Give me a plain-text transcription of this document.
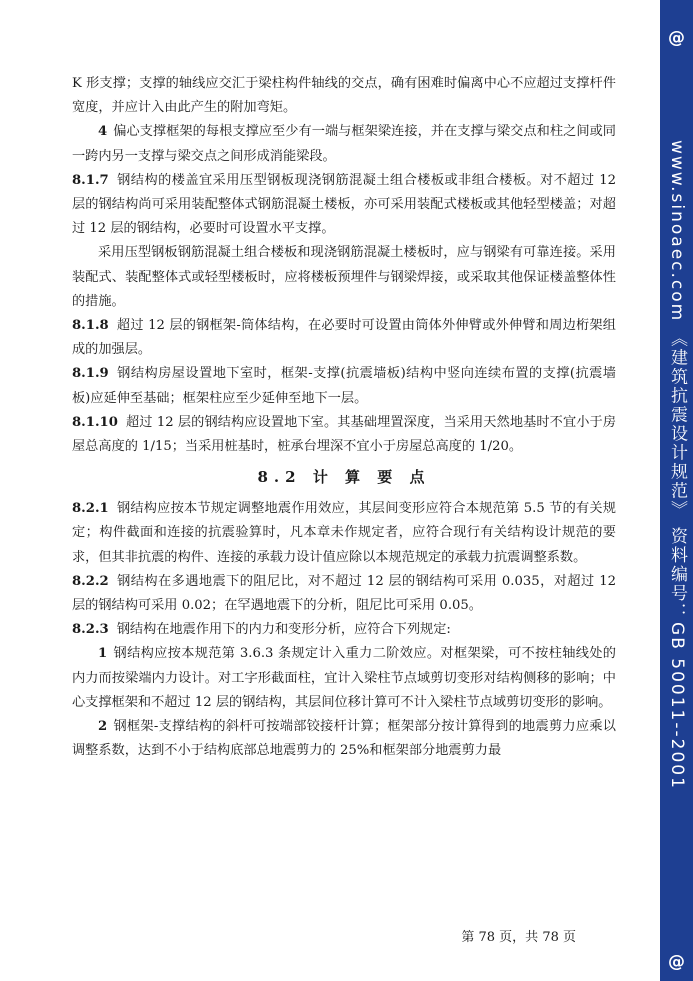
K 形支撑；支撑的轴线应交汇于梁柱构件轴线的交点，确有困难时偏离中心不应超过支撑杆件宽度，并应计入由此产生的附加弯矩。

4 偏心支撑框架的每根支撑应至少有一端与框架梁连接，并在支撑与梁交点和柱之间或同一跨内另一支撑与梁交点之间形成消能梁段。

8.1.7 钢结构的楼盖宜采用压型钢板现浇钢筋混凝土组合楼板或非组合楼板。对不超过 12 层的钢结构尚可采用装配整体式钢筋混凝土楼板，亦可采用装配式楼板或其他轻型楼盖；对超过 12 层的钢结构，必要时可设置水平支撑。

采用压型钢板钢筋混凝土组合楼板和现浇钢筋混凝土楼板时，应与钢梁有可靠连接。采用装配式、装配整体式或轻型楼板时，应将楼板预埋件与钢梁焊接，或采取其他保证楼盖整体性的措施。

8.1.8 超过 12 层的钢框架-筒体结构，在必要时可设置由筒体外伸臂或外伸臂和周边桁架组成的加强层。

8.1.9 钢结构房屋设置地下室时，框架-支撑(抗震墙板)结构中竖向连续布置的支撑(抗震墙板)应延伸至基础；框架柱应至少延伸至地下一层。

8.1.10 超过 12 层的钢结构应设置地下室。其基础埋置深度，当采用天然地基时不宜小于房屋总高度的 1/15；当采用桩基时，桩承台埋深不宜小于房屋总高度的 1/20。

8.2 计 算 要 点

8.2.1 钢结构应按本节规定调整地震作用效应，其层间变形应符合本规范第 5.5 节的有关规定；构件截面和连接的抗震验算时，凡本章未作规定者，应符合现行有关结构设计规范的要求，但其非抗震的构件、连接的承载力设计值应除以本规范规定的承载力抗震调整系数。

8.2.2 钢结构在多遇地震下的阻尼比，对不超过 12 层的钢结构可采用 0.035，对超过 12 层的钢结构可采用 0.02；在罕遇地震下的分析，阻尼比可采用 0.05。

8.2.3 钢结构在地震作用下的内力和变形分析，应符合下列规定:

1 钢结构应按本规范第 3.6.3 条规定计入重力二阶效应。对框架梁，可不按柱轴线处的内力而按梁端内力设计。对工字形截面柱，宜计入梁柱节点域剪切变形对结构侧移的影响；中心支撑框架和不超过 12 层的钢结构，其层间位移计算可不计入梁柱节点域剪切变形的影响。

2 钢框架-支撑结构的斜杆可按端部铰接杆计算；框架部分按计算得到的地震剪力应乘以调整系数，达到不小于结构底部总地震剪力的 25%和框架部分地震剪力最

第 78 页，共 78 页
@
www.sinoaec.com 《建筑抗震设计规范》 资料编号：GB 50011--2001
@
